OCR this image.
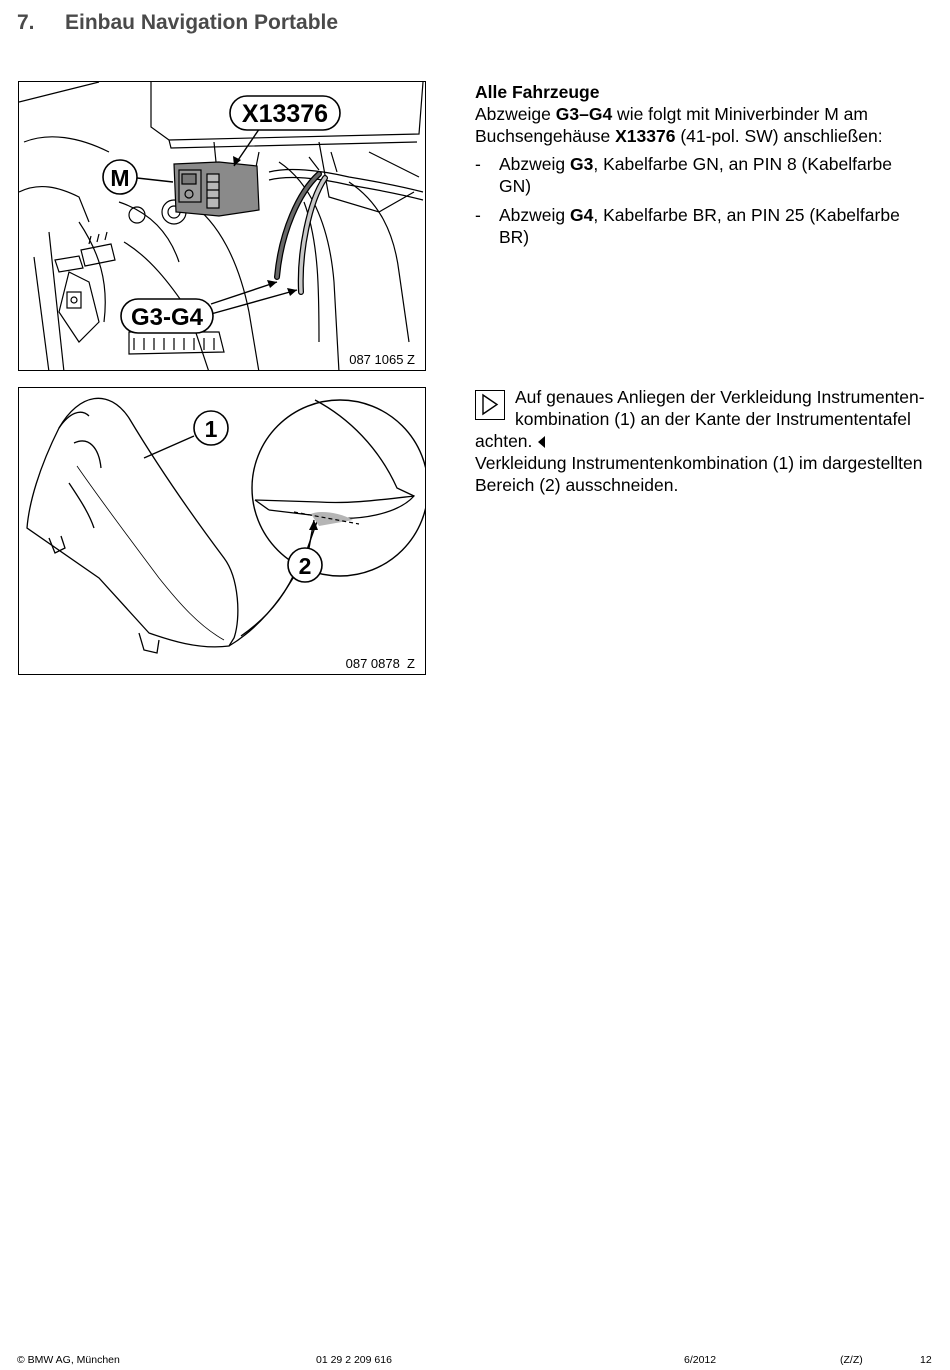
7. Einbau Navigation Portable
X13376
M
G3-G4
087 1065 Z
1
2
087 0878  Z

Alle Fahrzeuge

Abzweige G3–G4 wie folgt mit Miniverbinder M am Buchsengehäuse X13376 (41-pol. SW) anschließen:

- Abzweig G3, Kabelfarbe GN, an PIN 8 (Kabelfarbe GN)
- Abzweig G4, Kabelfarbe BR, an PIN 25 (Kabelfarbe BR)
Auf genaues Anliegen der Verkleidung Instrumentenkombination (1) an der Kante der Instrumententafel achten.

Verkleidung Instrumentenkombination (1) im dargestellten Bereich (2) ausschneiden.

© BMW AG, München	01 29 2 209 616	6/2012	(Z/Z)	12
